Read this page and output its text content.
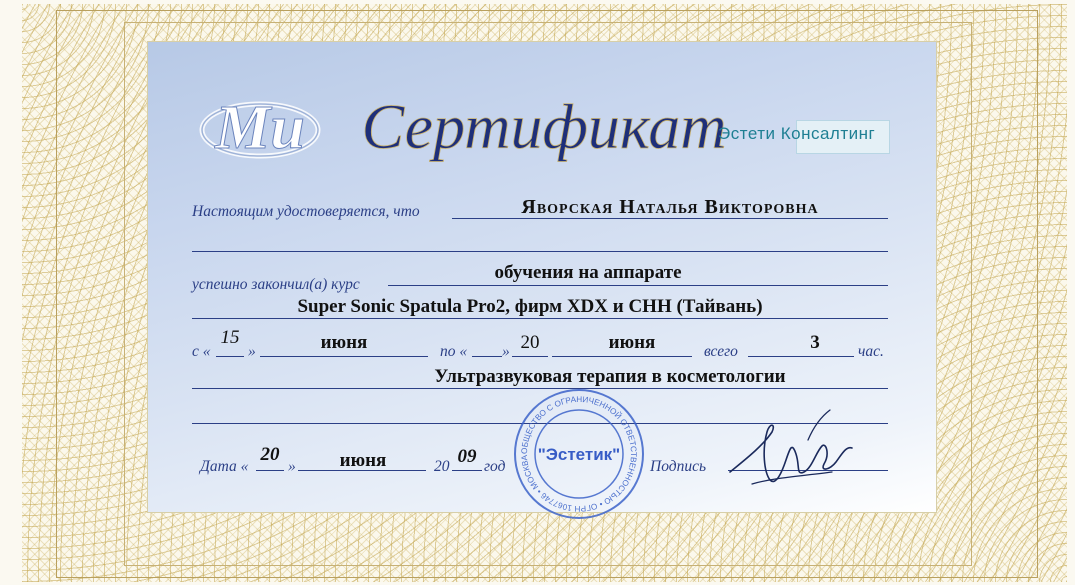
Ми Сертификат
Эстети Консалтинг
Настоящим удостоверяется, что	Яворская Наталья Викторовна
успешно закончил(а) курс
обучения на аппарате
Super Sonic Spatula Pro2, фирм XDX и CHH (Тайвань)
с «
15
»	июня	по « » 20	июня	всего	3	час.
Ультразвуковая терапия в косметологии
Дата «
20
»	июня	20 09 год	Подпись
ОБЩЕСТВО С ОГРАНИЧЕННОЙ ОТВЕТСТВЕННОСТЬЮ • ОГРН 1067746 • МОСКВА "Эстетик"
